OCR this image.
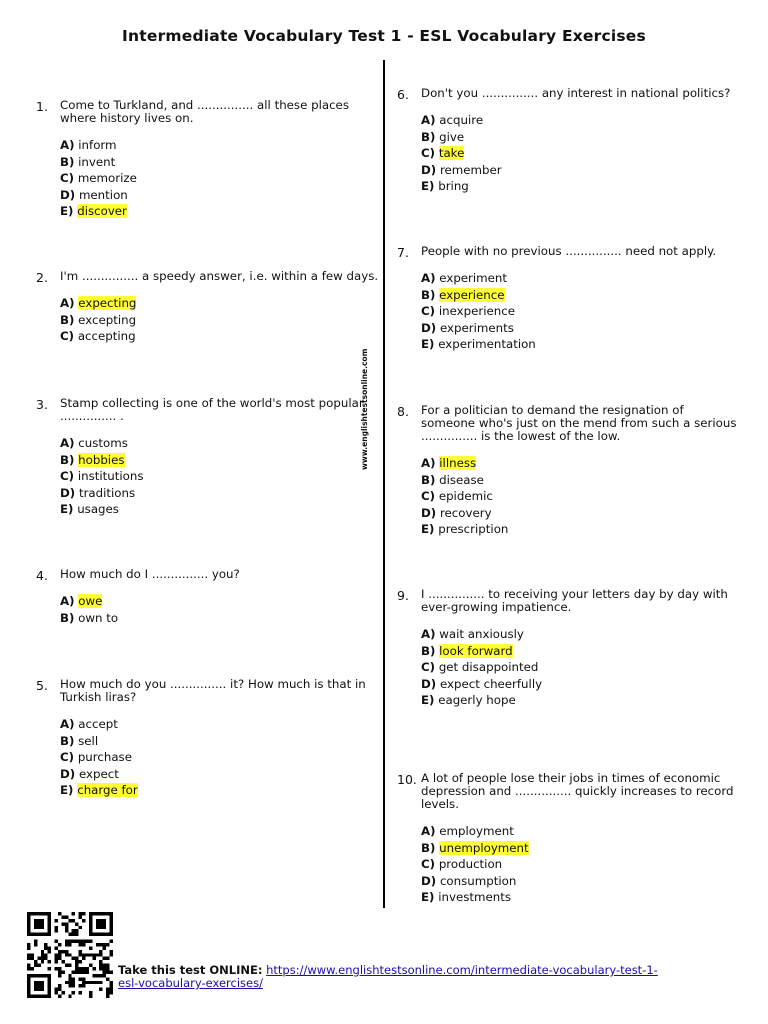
Intermediate Vocabulary Test 1 - ESL Vocabulary Exercises
www.englishtestsonline.com
1. Come to Turkland, and ............... all these places where history lives on.
A) inform
B) invent
C) memorize
D) mention
E) discover
2. I'm ............... a speedy answer, i.e. within a few days.
A) expecting
B) excepting
C) accepting
3. Stamp collecting is one of the world's most popular ............... .
A) customs
B) hobbies
C) institutions
D) traditions
E) usages
4. How much do I ............... you?
A) owe
B) own to
5. How much do you ............... it? How much is that in Turkish liras?
A) accept
B) sell
C) purchase
D) expect
E) charge for
6. Don't you ............... any interest in national politics?
A) acquire
B) give
C) take
D) remember
E) bring
7. People with no previous ............... need not apply.
A) experiment
B) experience
C) inexperience
D) experiments
E) experimentation
8. For a politician to demand the resignation of someone who's just on the mend from such a serious ............... is the lowest of the low.
A) illness
B) disease
C) epidemic
D) recovery
E) prescription
9. I ............... to receiving your letters day by day with ever-growing impatience.
A) wait anxiously
B) look forward
C) get disappointed
D) expect cheerfully
E) eagerly hope
10. A lot of people lose their jobs in times of economic depression and ............... quickly increases to record levels.
A) employment
B) unemployment
C) production
D) consumption
E) investments
Take this test ONLINE: https://www.englishtestsonline.com/intermediate-vocabulary-test-1-esl-vocabulary-exercises/
